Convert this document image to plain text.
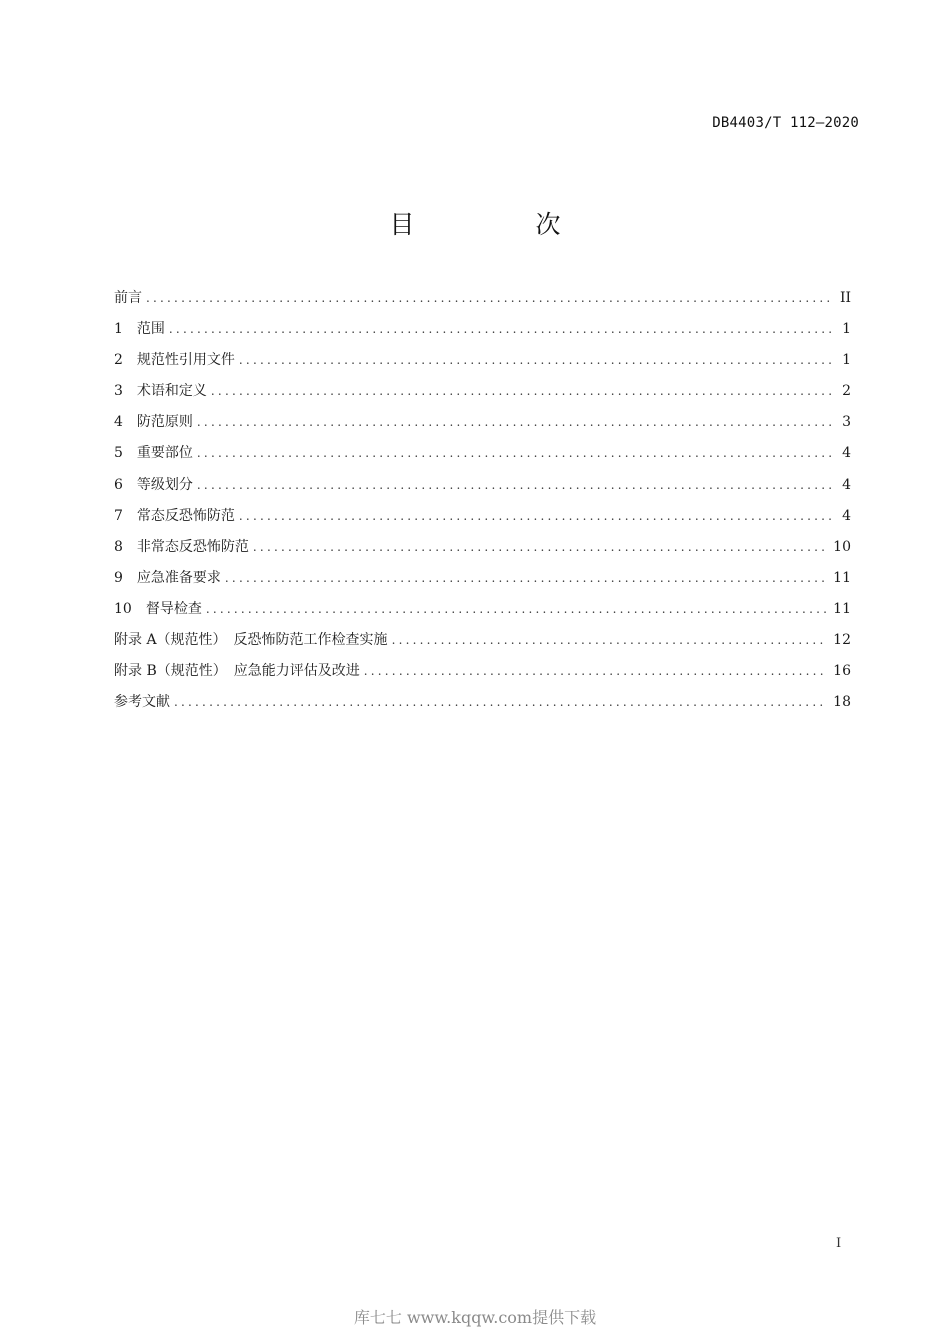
DB4403/T 112—2020
目　次
前言 .....	II
1 范围 .....	1
2 规范性引用文件 .....	1
3 术语和定义 .....	2
4 防范原则 .....	3
5 重要部位 .....	4
6 等级划分 .....	4
7 常态反恐怖防范 .....	4
8 非常态反恐怖防范 .....	10
9 应急准备要求 .....	11
10 督导检查 .....	11
附录 A（规范性）　反恐怖防范工作检查实施 .....	12
附录 B（规范性）　应急能力评估及改进 .....	16
参考文献 .....	18
I
库七七 www.kqqw.com提供下载
